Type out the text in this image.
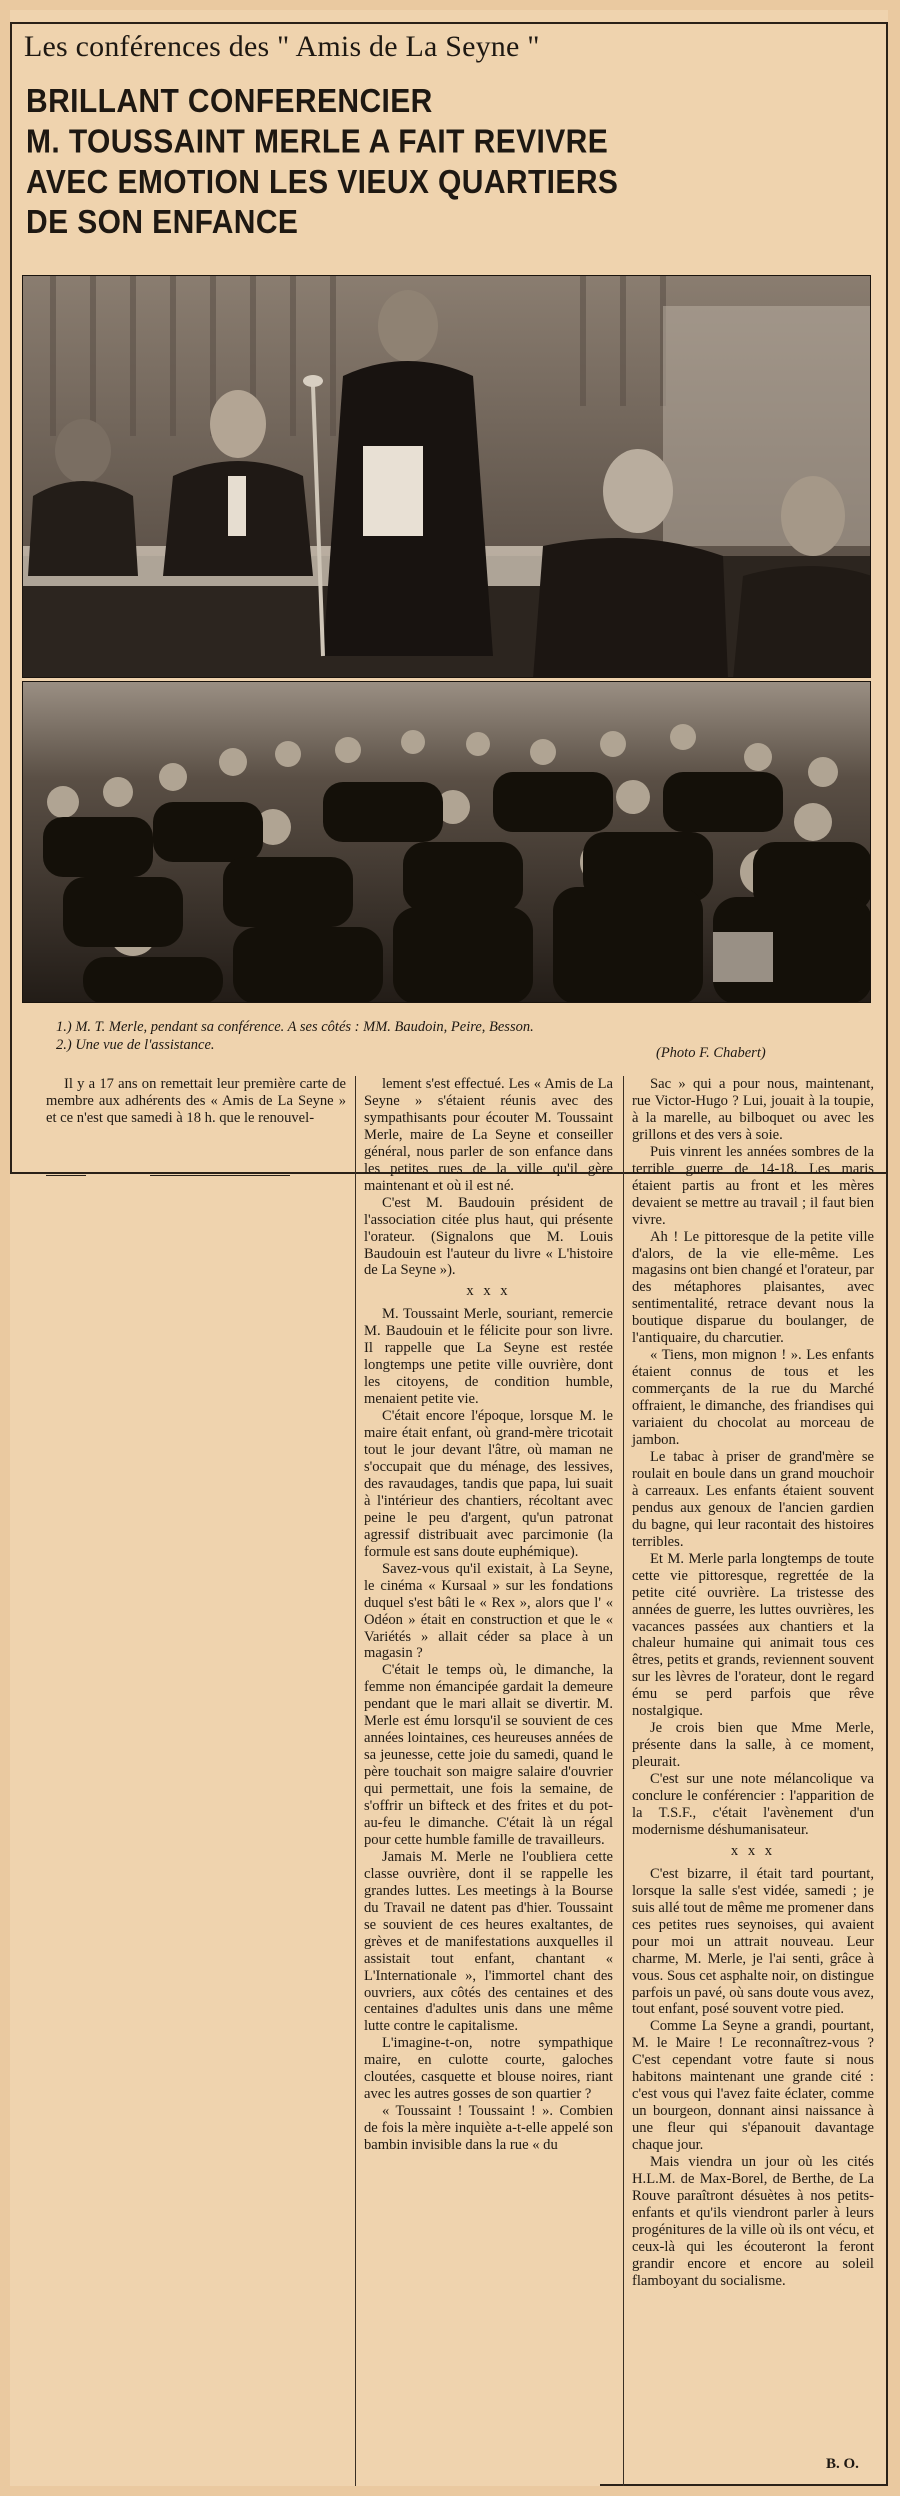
Les conférences des " Amis de La Seyne "
BRILLANT CONFERENCIER
M. TOUSSAINT MERLE A FAIT REVIVRE
AVEC EMOTION LES VIEUX QUARTIERS
DE SON ENFANCE
1.) M. T. Merle, pendant sa conférence. A ses côtés : MM. Baudoin, Peire, Besson.
2.) Une vue de l'assistance.	(Photo F. Chabert)

Il y a 17 ans on remettait leur première carte de membre aux adhérents des « Amis de La Seyne » et ce n'est que samedi à 18 h. que le renouvel-

lement s'est effectué. Les « Amis de La Seyne » s'étaient réunis avec des sympathisants pour écouter M. Toussaint Merle, maire de La Seyne et conseiller général, nous parler de son enfance dans les petites rues de la ville qu'il gère maintenant et où il est né.

C'est M. Baudouin président de l'association citée plus haut, qui présente l'orateur. (Signalons que M. Louis Baudouin est l'auteur du livre « L'histoire de La Seyne »).

x x x

M. Toussaint Merle, souriant, remercie M. Baudouin et le félicite pour son livre. Il rappelle que La Seyne est restée longtemps une petite ville ouvrière, dont les citoyens, de condition humble, menaient petite vie.

C'était encore l'époque, lorsque M. le maire était enfant, où grand-mère tricotait tout le jour devant l'âtre, où maman ne s'occupait que du ménage, des lessives, des ravaudages, tandis que papa, lui suait à l'intérieur des chantiers, récoltant avec peine le peu d'argent, qu'un patronat agressif distribuait avec parcimonie (la formule est sans doute euphémique).

Savez-vous qu'il existait, à La Seyne, le cinéma « Kursaal » sur les fondations duquel s'est bâti le « Rex », alors que l' « Odéon » était en construction et que le « Variétés » allait céder sa place à un magasin ?

C'était le temps où, le dimanche, la femme non émancipée gardait la demeure pendant que le mari allait se divertir. M. Merle est ému lorsqu'il se souvient de ces années lointaines, ces heureuses années de sa jeunesse, cette joie du samedi, quand le père touchait son maigre salaire d'ouvrier qui permettait, une fois la semaine, de s'offrir un bifteck et des frites et du pot-au-feu le dimanche. C'était là un régal pour cette humble famille de travailleurs.

Jamais M. Merle ne l'oubliera cette classe ouvrière, dont il se rappelle les grandes luttes. Les meetings à la Bourse du Travail ne datent pas d'hier. Toussaint se souvient de ces heures exaltantes, de grèves et de manifestations auxquelles il assistait tout enfant, chantant « L'Internationale », l'immortel chant des ouvriers, aux côtés des centaines et des centaines d'adultes unis dans une même lutte contre le capitalisme.

L'imagine-t-on, notre sympathique maire, en culotte courte, galoches cloutées, casquette et blouse noires, riant avec les autres gosses de son quartier ?

« Toussaint ! Toussaint ! ». Combien de fois la mère inquiète a-t-elle appelé son bambin invisible dans la rue « du

Sac » qui a pour nous, maintenant, rue Victor-Hugo ? Lui, jouait à la toupie, à la marelle, au bilboquet ou avec les grillons et des vers à soie.

Puis vinrent les années sombres de la terrible guerre de 14-18. Les maris étaient partis au front et les mères devaient se mettre au travail ; il faut bien vivre.

Ah ! Le pittoresque de la petite ville d'alors, de la vie elle-même. Les magasins ont bien changé et l'orateur, par des métaphores plaisantes, avec sentimentalité, retrace devant nous la boutique disparue du boulanger, de l'antiquaire, du charcutier.

« Tiens, mon mignon ! ». Les enfants étaient connus de tous et les commerçants de la rue du Marché offraient, le dimanche, des friandises qui variaient du chocolat au morceau de jambon.

Le tabac à priser de grand'mère se roulait en boule dans un grand mouchoir à carreaux. Les enfants étaient souvent pendus aux genoux de l'ancien gardien du bagne, qui leur racontait des histoires terribles.

Et M. Merle parla longtemps de toute cette vie pittoresque, regrettée de la petite cité ouvrière. La tristesse des années de guerre, les luttes ouvrières, les vacances passées aux chantiers et la chaleur humaine qui animait tous ces êtres, petits et grands, reviennent souvent sur les lèvres de l'orateur, dont le regard ému se perd parfois que rêve nostalgique.

Je crois bien que Mme Merle, présente dans la salle, à ce moment, pleurait.

C'est sur une note mélancolique va conclure le conférencier : l'apparition de la T.S.F., c'était l'avènement d'un modernisme déshumanisateur.

x x x

C'est bizarre, il était tard pourtant, lorsque la salle s'est vidée, samedi ; je suis allé tout de même me promener dans ces petites rues seynoises, qui avaient pour moi un attrait nouveau. Leur charme, M. Merle, je l'ai senti, grâce à vous. Sous cet asphalte noir, on distingue parfois un pavé, où sans doute vous avez, tout enfant, posé souvent votre pied.

Comme La Seyne a grandi, pourtant, M. le Maire ! Le reconnaîtrez-vous ? C'est cependant votre faute si nous habitons maintenant une grande cité : c'est vous qui l'avez faite éclater, comme un bourgeon, donnant ainsi naissance à une fleur qui s'épanouit davantage chaque jour.

Mais viendra un jour où les cités H.L.M. de Max-Borel, de Berthe, de La Rouve paraîtront désuètes à nos petits-enfants et qu'ils viendront parler à leurs progénitures de la ville où ils ont vécu, et ceux-là qui les écouteront la feront grandir encore et encore au soleil flamboyant du socialisme.

B. O.
